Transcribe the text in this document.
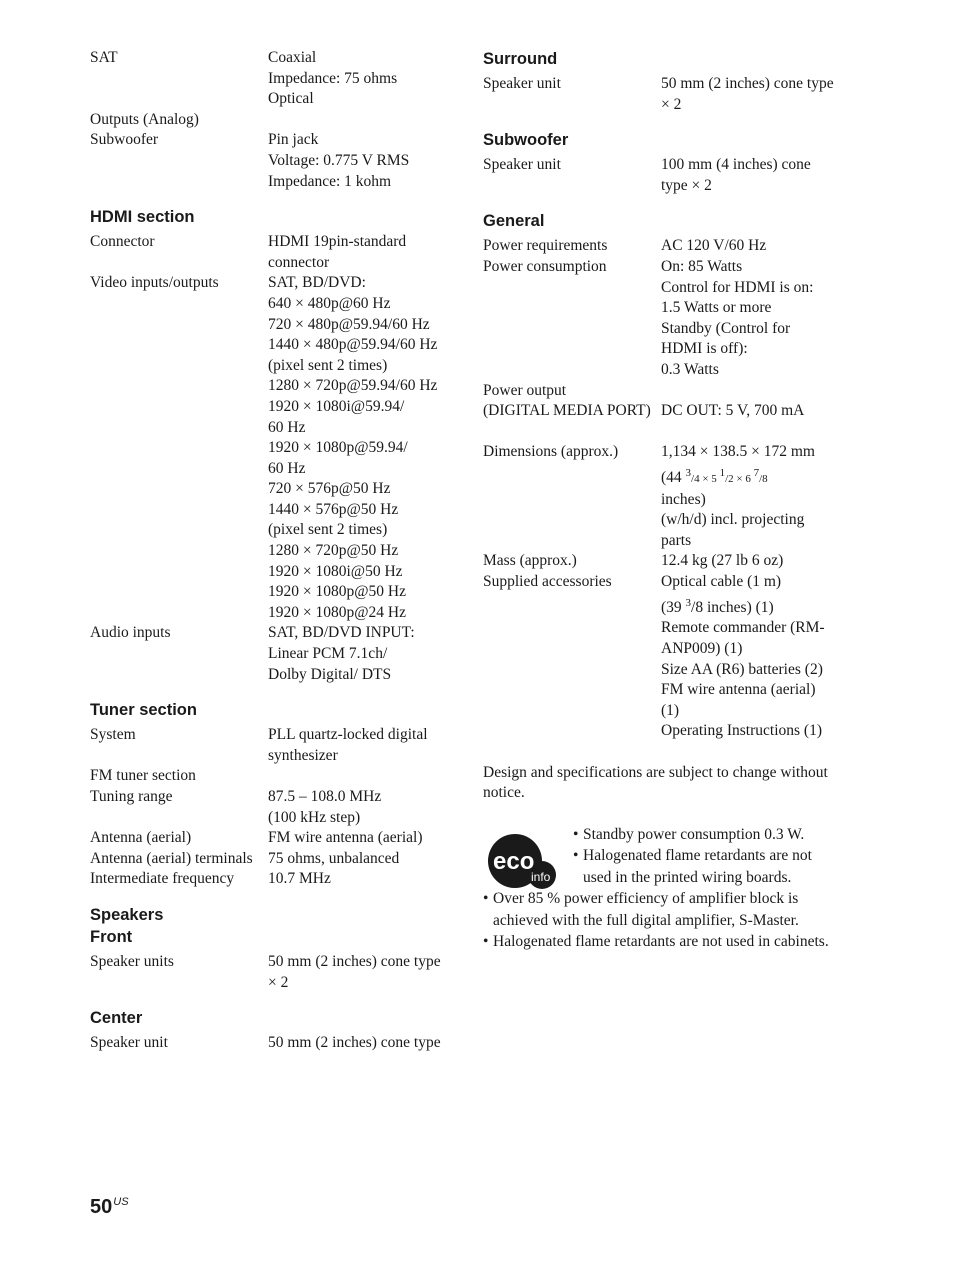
SAT	Coaxial
Impedance: 75 ohms
Optical
Outputs (Analog)
Subwoofer	Pin jack
Voltage: 0.775 V RMS
Impedance: 1 kohm
HDMI section
Connector	HDMI 19pin-standard
connector
Video inputs/outputs	SAT, BD/DVD:
640 × 480p@60 Hz
720 × 480p@59.94/60 Hz
1440 × 480p@59.94/60 Hz
(pixel sent 2 times)
1280 × 720p@59.94/60 Hz
1920 × 1080i@59.94/
60 Hz
1920 × 1080p@59.94/
60 Hz
720 × 576p@50 Hz
1440 × 576p@50 Hz
(pixel sent 2 times)
1280 × 720p@50 Hz
1920 × 1080i@50 Hz
1920 × 1080p@50 Hz
1920 × 1080p@24 Hz
Audio inputs	SAT, BD/DVD INPUT:
Linear PCM 7.1ch/
Dolby Digital/ DTS
Tuner section
System	PLL quartz-locked digital
synthesizer
FM tuner section
Tuning range	87.5 – 108.0 MHz
(100 kHz step)
Antenna (aerial)	FM wire antenna (aerial)
Antenna (aerial) terminals 75 ohms, unbalanced
Intermediate frequency	10.7 MHz
Speakers
Front
Speaker units	50 mm (2 inches) cone type
× 2
Center
Speaker unit	50 mm (2 inches) cone type
Surround
Speaker unit	50 mm (2 inches) cone type
× 2
Subwoofer
Speaker unit	100 mm (4 inches) cone
type × 2
General
Power requirements	AC 120 V/60 Hz
Power consumption	On: 85 Watts
Control for HDMI is on:
1.5 Watts or more
Standby (Control for
HDMI is off):
0.3 Watts
Power output
(DIGITAL MEDIA PORT) DC OUT: 5 V, 700 mA
Dimensions (approx.)	1,134 × 138.5 × 172 mm
(44 $^3$/4 × 5 $^1$/2 × 6 $^7$/8
inches)
(w/h/d) incl. projecting
parts
Mass (approx.)	12.4 kg (27 lb 6 oz)
Supplied accessories	Optical cable (1 m)
(39 $^3$/8 inches) (1)
Remote commander (RM-
ANP009) (1)
Size AA (R6) batteries (2)
FM wire antenna (aerial)
(1)
Operating Instructions (1)
Design and specifications are subject to change without
notice.
eco
info
• Standby power consumption 0.3 W.
• Halogenated flame retardants are not
used in the printed wiring boards.
• Over 85 % power efficiency of amplifier block is
achieved with the full digital amplifier, S-Master.
• Halogenated flame retardants are not used in cabinets.
$50^{US}$
